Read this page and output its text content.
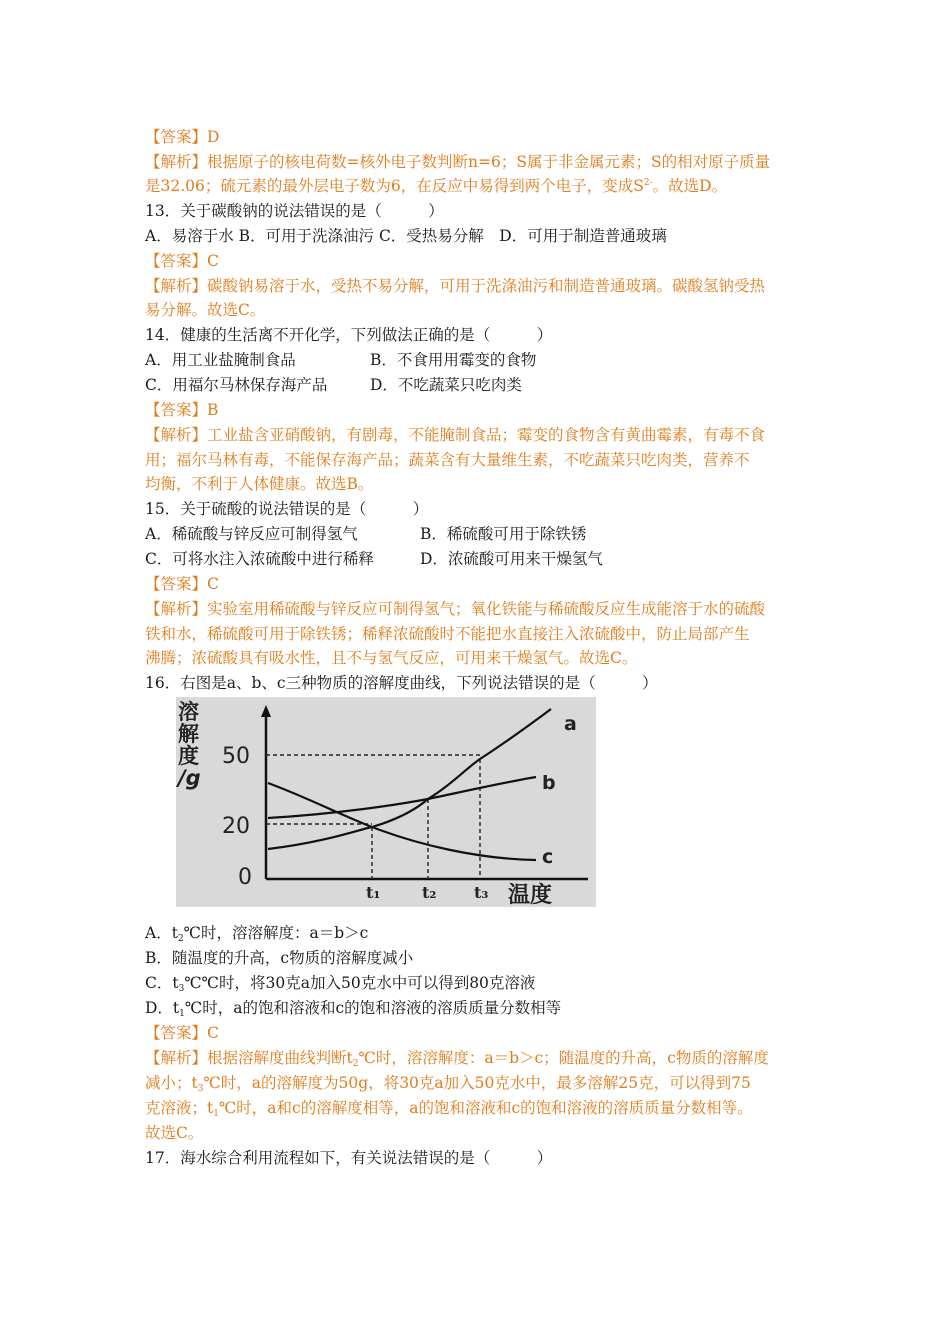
【答案】D
【解析】根据原子的核电荷数=核外电子数判断n=6；S属于非金属元素；S的相对原子质量
是32.06；硫元素的最外层电子数为6，在反应中易得到两个电子，变成$S^{2-}$。故选D。
13．关于碳酸钠的说法错误的是（　　　）
A．易溶于水 B．可用于洗涤油污 C．受热易分解　D．可用于制造普通玻璃
【答案】C
【解析】碳酸钠易溶于水，受热不易分解，可用于洗涤油污和制造普通玻璃。碳酸氢钠受热
易分解。故选C。
14．健康的生活离不开化学，下列做法正确的是（　　　）
A．用工业盐腌制食品	B．不食用用霉变的食物
C．用福尔马林保存海产品	D．不吃蔬菜只吃肉类
【答案】B
【解析】工业盐含亚硝酸钠，有剧毒，不能腌制食品；霉变的食物含有黄曲霉素，有毒不食
用；福尔马林有毒，不能保存海产品；蔬菜含有大量维生素，不吃蔬菜只吃肉类，营养不
均衡，不利于人体健康。故选B。
15．关于硫酸的说法错误的是（　　　）
A．稀硫酸与锌反应可制得氢气	B．稀硫酸可用于除铁锈
C．可将水注入浓硫酸中进行稀释	D．浓硫酸可用来干燥氢气
【答案】C
【解析】实验室用稀硫酸与锌反应可制得氢气；氧化铁能与稀硫酸反应生成能溶于水的硫酸
铁和水，稀硫酸可用于除铁锈；稀释浓硫酸时不能把水直接注入浓硫酸中，防止局部产生
沸腾；浓硫酸具有吸水性，且不与氢气反应，可用来干燥氢气。故选C。
16．右图是a、b、c三种物质的溶解度曲线，下列说法错误的是（　　　）
溶
解
度
/g
50
20
0
a
b
c
t₁	t₂ t₃ 温度
A．$t_2℃$时，溶溶解度：a＝b＞c
B．随温度的升高，c物质的溶解度减小
C．$t_3℃℃$时，将30克a加入50克水中可以得到80克溶液
D．$t_1℃$时，a的饱和溶液和c的饱和溶液的溶质质量分数相等
【答案】C
【解析】根据溶解度曲线判断$t_2℃$时，溶溶解度：a＝b＞c；随温度的升高，c物质的溶解度
减小；$t_3℃$时，a的溶解度为50g，将30克a加入50克水中，最多溶解25克，可以得到75
克溶液；$t_1℃$时，a和c的溶解度相等，a的饱和溶液和c的饱和溶液的溶质质量分数相等。
故选C。
17．海水综合利用流程如下，有关说法错误的是（　　　）
